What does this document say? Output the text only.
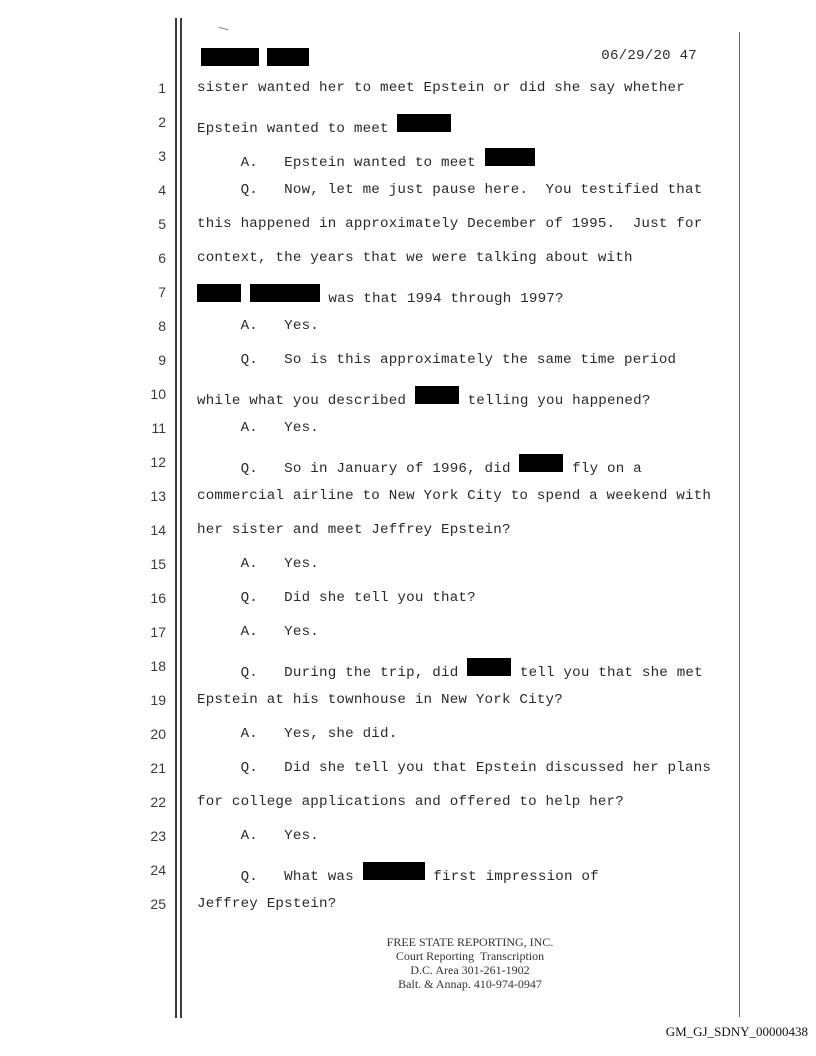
06/29/20 47
1 sister wanted her to meet Epstein or did she say whether
2 Epstein wanted to meet
3 A.   Epstein wanted to meet
4 Q.   Now, let me just pause here.  You testified that
5 this happened in approximately December of 1995.  Just for
6 context, the years that we were talking about with
7	was that 1994 through 1997?
8 A.   Yes.
9 Q.   So is this approximately the same time period
10 while what you described	telling you happened?
11 A.   Yes.
12 Q.   So in January of 1996, did	fly on a
13 commercial airline to New York City to spend a weekend with
14 her sister and meet Jeffrey Epstein?
15 A.   Yes.
16 Q.   Did she tell you that?
17 A.   Yes.
18 Q.   During the trip, did	tell you that she met
19 Epstein at his townhouse in New York City?
20 A.   Yes, she did.
21 Q.   Did she tell you that Epstein discussed her plans
22 for college applications and offered to help her?
23 A.   Yes.
24 Q.   What was	first impression of
25 Jeffrey Epstein?
FREE STATE REPORTING, INC.
Court Reporting  Transcription
D.C. Area 301-261-1902
Balt. & Annap. 410-974-0947
GM_GJ_SDNY_00000438
